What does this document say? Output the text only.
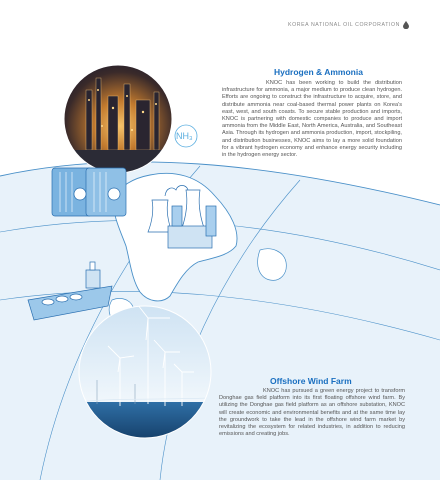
KOREA NATIONAL OIL CORPORATION
NH₃
Hydrogen & Ammonia

KNOC has been working to build the distribution infrastructure for ammonia, a major medium to produce clean hydrogen. Efforts are ongoing to construct the infrastructure to acquire, store, and distribute ammonia near coal-based thermal power plants on Korea's east, west, and south coasts. To secure stable production and imports, KNOC is partnering with domestic companies to produce and import ammonia from the Middle East, North America, Australia, and Southeast Asia. Through its hydrogen and ammonia production, import, stockpiling, and distribution businesses, KNOC aims to lay a more solid foundation for a vibrant hydrogen economy and enhance energy security including in the hydrogen energy sector.

Offshore Wind Farm

KNOC has pursued a green energy project to transform Donghae gas field platform into its first floating offshore wind farm. By utilizing the Donghae gas field platform as an offshore substation, KNOC will create economic and environmental benefits and at the same time lay the groundwork to take the lead in the offshore wind farm market by revitalizing the ecosystem for related industries, in addition to reducing emissions and creating jobs.
